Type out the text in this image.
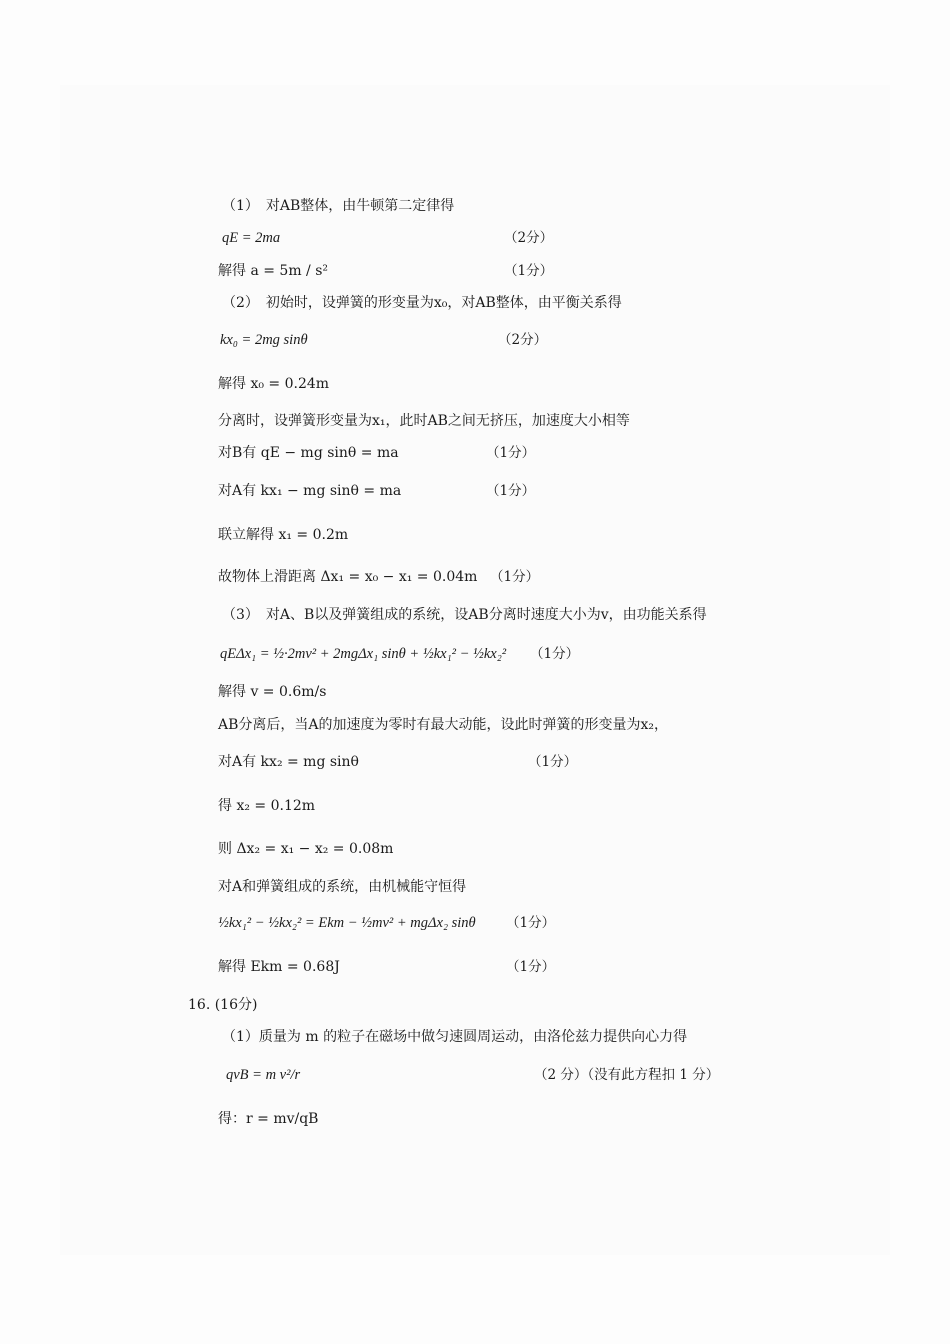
（1）　对AB整体，由牛顿第二定律得
qE = 2ma	（2分）
解得 a = 5m / s²	（1分）
（2）　初始时，设弹簧的形变量为x₀，对AB整体，由平衡关系得
kx₀ = 2mg sinθ	（2分）
解得 x₀ = 0.24m
分离时，设弹簧形变量为x₁，此时AB之间无挤压，加速度大小相等
对B有 qE − mg sinθ = ma	（1分）
对A有 kx₁ − mg sinθ = ma	（1分）
联立解得 x₁ = 0.2m
故物体上滑距离 Δx₁ = x₀ − x₁ = 0.04m （1分）
（3）　对A、B以及弹簧组成的系统，设AB分离时速度大小为v，由功能关系得
qEΔx₁ = ½·2mv² + 2mgΔx₁ sinθ + ½kx₁² − ½kx₂² （1分）
解得 v = 0.6m/s
AB分离后，当A的加速度为零时有最大动能，设此时弹簧的形变量为x₂，
对A有 kx₂ = mg sinθ	（1分）
得 x₂ = 0.12m
则 Δx₂ = x₁ − x₂ = 0.08m
对A和弹簧组成的系统，由机械能守恒得
½kx₁² − ½kx₂² = Ekm − ½mv² + mgΔx₂ sinθ （1分）
解得 Ekm = 0.68J	（1分）
16. (16分)
（1）质量为 m 的粒子在磁场中做匀速圆周运动，由洛伦兹力提供向心力得
qvB = m v²/r	（2 分）（没有此方程扣 1 分）
得：r = mv/qB
